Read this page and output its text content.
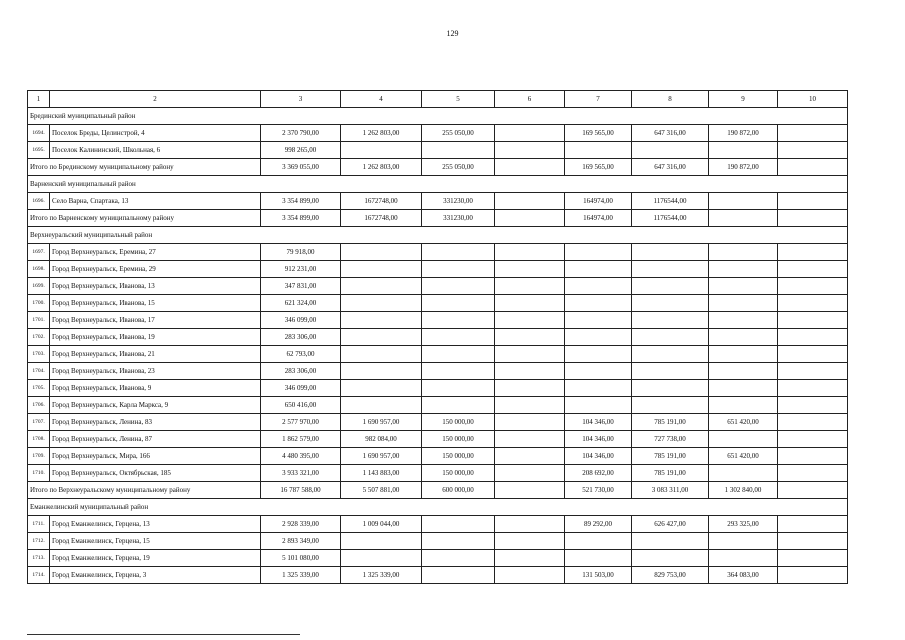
129
1	2	3	4	5	6	7	8	9	10
Брединский муниципальный район									
1694.	Поселок Бреды, Целинстрой, 4	2 370 790,00	1 262 803,00	255 050,00		169 565,00	647 316,00	190 872,00	
1695.	Поселок Калининский, Школьная, 6	998 265,00							
Итого по Брединскому муниципальному району		3 369 055,00	1 262 803,00	255 050,00		169 565,00	647 316,00	190 872,00	
Варненский муниципальный район									
1696.	Село Варна, Спартака, 13	3 354 899,00	1672748,00	331230,00		164974,00	1176544,00		
Итого по Варненскому муниципальному району		3 354 899,00	1672748,00	331230,00		164974,00	1176544,00		
Верхнеуральский муниципальный район									
1697.	Город Верхнеуральск, Еремина, 27	79 918,00							
1698.	Город Верхнеуральск, Еремина, 29	912 231,00							
1699.	Город Верхнеуральск, Иванова, 13	347 831,00							
1700.	Город Верхнеуральск, Иванова, 15	621 324,00							
1701.	Город Верхнеуральск, Иванова, 17	346 099,00							
1702.	Город Верхнеуральск, Иванова, 19	283 306,00							
1703.	Город Верхнеуральск, Иванова, 21	62 793,00							
1704.	Город Верхнеуральск, Иванова, 23	283 306,00							
1705.	Город Верхнеуральск, Иванова, 9	346 099,00							
1706.	Город Верхнеуральск, Карла Маркса, 9	650 416,00							
1707.	Город Верхнеуральск, Ленина, 83	2 577 970,00	1 690 957,00	150 000,00		104 346,00	785 191,00	651 420,00	
1708.	Город Верхнеуральск, Ленина, 87	1 862 579,00	982 084,00	150 000,00		104 346,00	727 738,00		
1709.	Город Верхнеуральск, Мира, 166	4 480 395,00	1 690 957,00	150 000,00		104 346,00	785 191,00	651 420,00	
1710.	Город Верхнеуральск, Октябрьская, 185	3 933 321,00	1 143 883,00	150 000,00		208 692,00	785 191,00		
Итого по Верхнеуральскому муниципальному району		16 787 588,00	5 507 881,00	600 000,00		521 730,00	3 083 311,00	1 302 840,00	
Еманжелинский муниципальный район									
1711.	Город Еманжелинск, Герцена, 13	2 928 339,00	1 009 044,00			89 292,00	626 427,00	293 325,00	
1712.	Город Еманжелинск, Герцена, 15	2 893 349,00							
1713.	Город Еманжелинск, Герцена, 19	5 101 080,00							
1714.	Город Еманжелинск, Герцена, 3	1 325 339,00	1 325 339,00			131 503,00	829 753,00	364 083,00	
